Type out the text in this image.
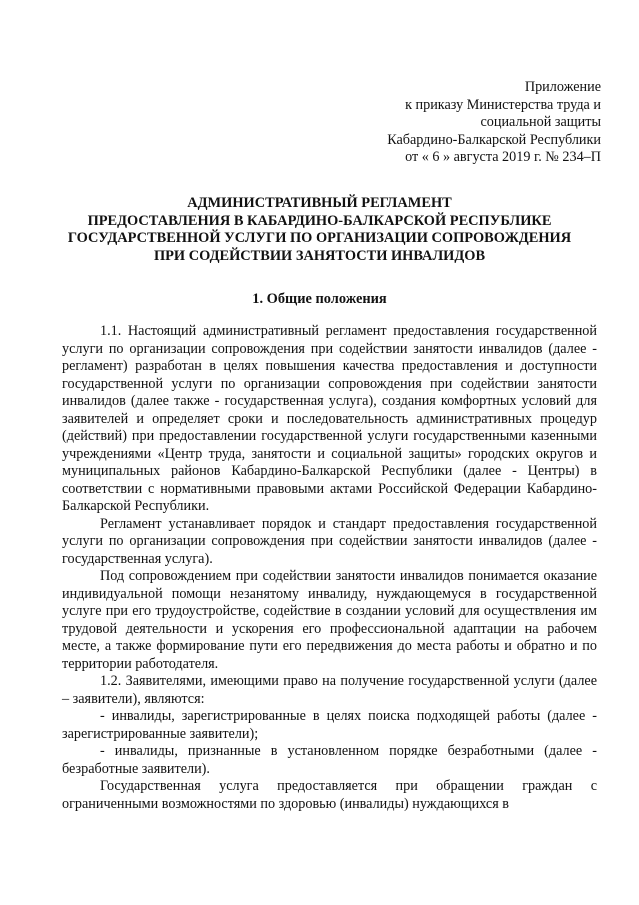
Приложение
к приказу Министерства труда и
социальной защиты
Кабардино-Балкарской Республики
от « 6 » августа 2019 г. № 234–П
АДМИНИСТРАТИВНЫЙ РЕГЛАМЕНТ
ПРЕДОСТАВЛЕНИЯ В КАБАРДИНО-БАЛКАРСКОЙ РЕСПУБЛИКЕ
ГОСУДАРСТВЕННОЙ УСЛУГИ ПО ОРГАНИЗАЦИИ СОПРОВОЖДЕНИЯ
ПРИ СОДЕЙСТВИИ ЗАНЯТОСТИ ИНВАЛИДОВ
1. Общие положения

1.1. Настоящий административный регламент предоставления государственной услуги по организации сопровождения при содействии занятости инвалидов (далее - регламент) разработан в целях повышения качества предоставления и доступности государственной услуги по организации сопровождения при содействии занятости инвалидов (далее также - государственная услуга), создания комфортных условий для заявителей и определяет сроки и последовательность административных процедур (действий) при предоставлении государственной услуги государственными казенными учреждениями «Центр труда, занятости и социальной защиты» городских округов и муниципальных районов Кабардино-Балкарской Республики (далее - Центры) в соответствии с нормативными правовыми актами Российской Федерации Кабардино-Балкарской Республики.

Регламент устанавливает порядок и стандарт предоставления государственной услуги по организации сопровождения при содействии занятости инвалидов (далее - государственная услуга).

Под сопровождением при содействии занятости инвалидов понимается оказание индивидуальной помощи незанятому инвалиду, нуждающемуся в государственной услуге при его трудоустройстве, содействие в создании условий для осуществления им трудовой деятельности и ускорения его профессиональной адаптации на рабочем месте, а также формирование пути его передвижения до места работы и обратно и по территории работодателя.

1.2. Заявителями, имеющими право на получение государственной услуги (далее – заявители), являются:

- инвалиды, зарегистрированные в целях поиска подходящей работы (далее - зарегистрированные заявители);

- инвалиды, признанные в установленном порядке безработными (далее - безработные заявители).

Государственная услуга предоставляется при обращении граждан с ограниченными возможностями по здоровью (инвалиды) нуждающихся в
